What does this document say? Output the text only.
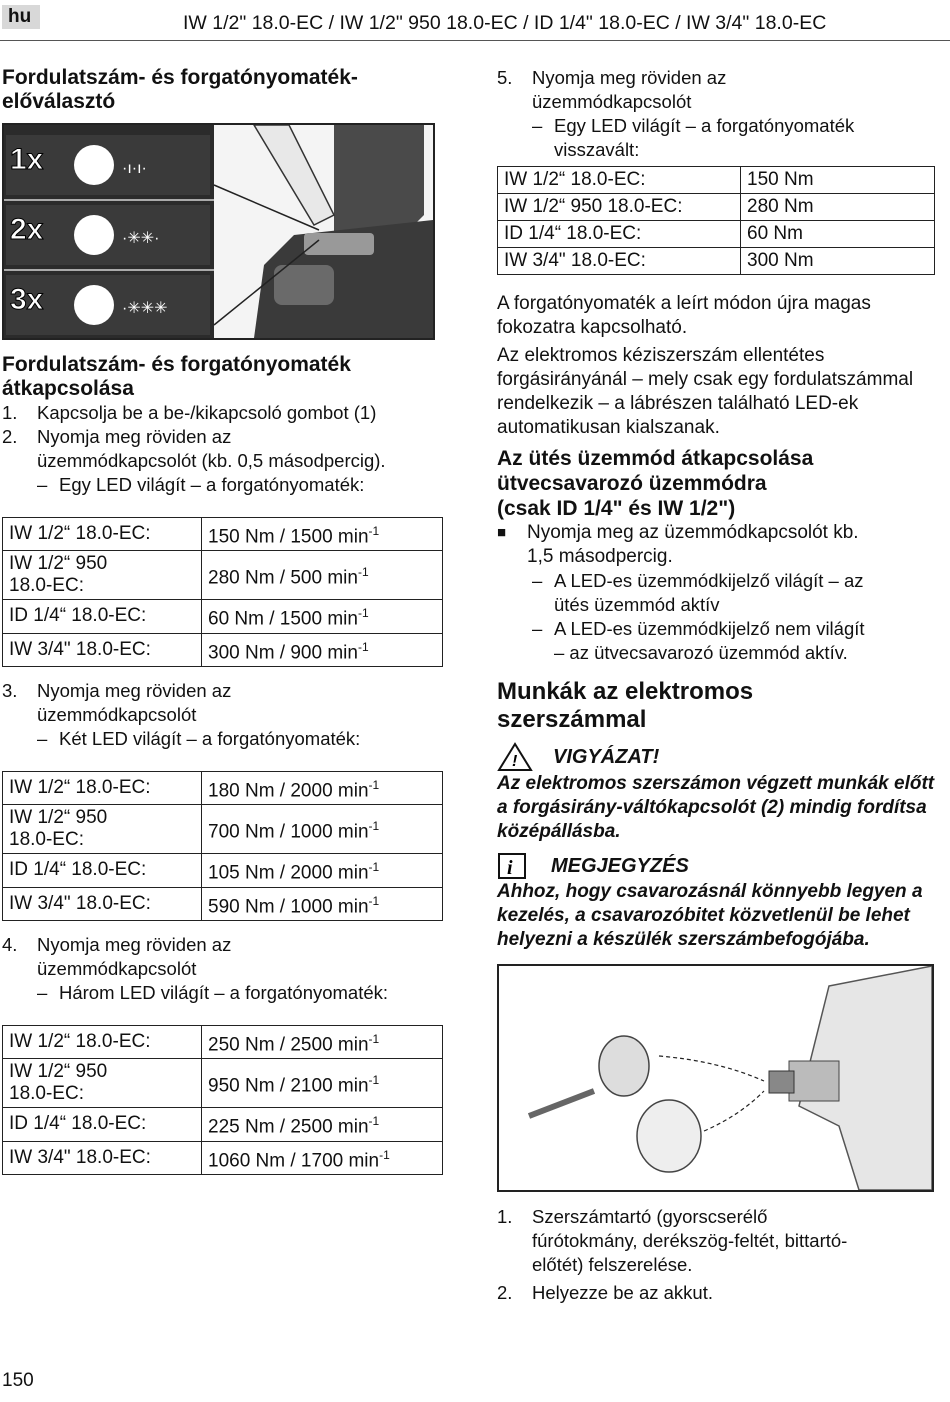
hu	IW 1/2" 18.0-EC / IW 1/2" 950 18.0-EC / ID 1/4" 18.0-EC / IW 3/4" 18.0-EC
Fordulatszám- és forgatónyomaték-
előválasztó
·ı·ı·
·✳✳·
·✳✳✳
1x
2x
3x
Fordulatszám- és forgatónyomaték
átkapcsolása
1.	Kapcsolja be a be-/kikapcsoló gombot (1)
2.	Nyomja meg röviden az
üzemmódkapcsolót (kb. 0,5 másodpercig).
– Egy LED világít – a forgatónyomaték:
IW 1/2“ 18.0-EC:	150 Nm / 1500 $\min^{-1}$
IW 1/2“ 950
18.0-EC:	280 Nm / 500 $\min^{-1}$
ID 1/4“ 18.0-EC:	60 Nm / 1500 $\min^{-1}$
IW 3/4" 18.0-EC:	300 Nm / 900 $\min^{-1}$
3.	Nyomja meg röviden az
üzemmódkapcsolót
– Két LED világít – a forgatónyomaték:
IW 1/2“ 18.0-EC:	180 Nm / 2000 $\min^{-1}$
IW 1/2“ 950
18.0-EC:	700 Nm / 1000 $\min^{-1}$
ID 1/4“ 18.0-EC:	105 Nm / 2000 $\min^{-1}$
IW 3/4" 18.0-EC:	590 Nm / 1000 $\min^{-1}$
4.	Nyomja meg röviden az
üzemmódkapcsolót
– Három LED világít – a forgatónyomaték:
IW 1/2“ 18.0-EC:	250 Nm / 2500 $\min^{-1}$
IW 1/2“ 950
18.0-EC:	950 Nm / 2100 $\min^{-1}$
ID 1/4“ 18.0-EC:	225 Nm / 2500 $\min^{-1}$
IW 3/4" 18.0-EC:	1060 Nm / 1700 $\min^{-1}$
5.	Nyomja meg röviden az
üzemmódkapcsolót
– Egy LED világít – a forgatónyomaték
visszavált:
IW 1/2“ 18.0-EC:	150 Nm
IW 1/2“ 950 18.0-EC:	280 Nm
ID 1/4“ 18.0-EC:	60 Nm
IW 3/4" 18.0-EC:	300 Nm

A forgatónyomaték a leírt módon újra magas fokozatra kapcsolható.

Az elektromos kéziszerszám ellentétes forgásirányánál – mely csak egy fordulatszámmal rendelkezik – a lábrészen található LED-ek automatikusan kialszanak.

Az ütés üzemmód átkapcsolása
ütvecsavarozó üzemmódra
(csak ID 1/4" és IW 1/2")
■	Nyomja meg az üzemmódkapcsolót kb.
1,5 másodpercig.
– A LED-es üzemmódkijelző világít – az
ütés üzemmód aktív
– A LED-es üzemmódkijelző nem világít
– az ütvecsavarozó üzemmód aktív.
Munkák az elektromos
szerszámmal
! VIGYÁZAT!
Az elektromos szerszámon végzett munkák előtt a forgásirány-váltókapcsolót (2) mindig fordítsa középállásba.
i MEGJEGYZÉS
Ahhoz, hogy csavarozásnál könnyebb legyen a kezelés, a csavarozóbitet közvetlenül be lehet helyezni a készülék szerszámbefogójába.
1.	Szerszámtartó (gyorscserélő
fúrótokmány, derékszög-feltét, bittartó-
előtét) felszerelése.
2.	Helyezze be az akkut.
150
